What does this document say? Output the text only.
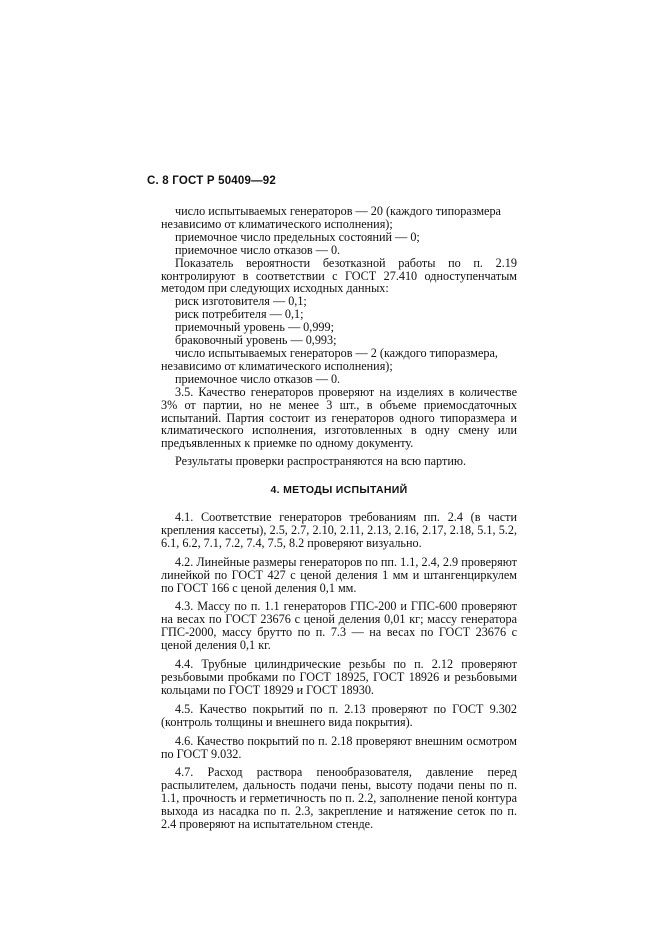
С. 8 ГОСТ Р 50409—92

число испытываемых генераторов — 20 (каждого типоразмера

независимо от климатического исполнения);

приемочное число предельных состояний — 0;

приемочное число отказов — 0.

Показатель вероятности безотказной работы по п. 2.19 контролируют в соответствии с ГОСТ 27.410 одноступенчатым методом при следующих исходных данных:

риск изготовителя — 0,1;

риск потребителя — 0,1;

приемочный уровень — 0,999;

браковочный уровень — 0,993;

число испытываемых генераторов — 2 (каждого типоразмера,

независимо от климатического исполнения);

приемочное число отказов — 0.

3.5. Качество генераторов проверяют на изделиях в количестве 3% от партии, но не менее 3 шт., в объеме приемосдаточных испытаний. Партия состоит из генераторов одного типоразмера и климатического исполнения, изготовленных в одну смену или предъявленных к приемке по одному документу.

Результаты проверки распространяются на всю партию.

4. МЕТОДЫ ИСПЫТАНИЙ

4.1. Соответствие генераторов требованиям пп. 2.4 (в части крепления кассеты), 2.5, 2.7, 2.10, 2.11, 2.13, 2.16, 2.17, 2.18, 5.1, 5.2, 6.1, 6.2, 7.1, 7.2, 7.4, 7.5, 8.2 проверяют визуально.

4.2. Линейные размеры генераторов по пп. 1.1, 2.4, 2.9 проверяют линейкой по ГОСТ 427 с ценой деления 1 мм и штангенциркулем по ГОСТ 166 с ценой деления 0,1 мм.

4.3. Массу по п. 1.1 генераторов ГПС-200 и ГПС-600 проверяют на весах по ГОСТ 23676 с ценой деления 0,01 кг; массу генератора ГПС-2000, массу брутто по п. 7.3 — на весах по ГОСТ 23676 с ценой деления 0,1 кг.

4.4. Трубные цилиндрические резьбы по п. 2.12 проверяют резьбовыми пробками по ГОСТ 18925, ГОСТ 18926 и резьбовыми кольцами по ГОСТ 18929 и ГОСТ 18930.

4.5. Качество покрытий по п. 2.13 проверяют по ГОСТ 9.302 (контроль толщины и внешнего вида покрытия).

4.6. Качество покрытий по п. 2.18 проверяют внешним осмотром по ГОСТ 9.032.

4.7. Расход раствора пенообразователя, давление перед распылителем, дальность подачи пены, высоту подачи пены по п. 1.1, прочность и герметичность по п. 2.2, заполнение пеной контура выхода из насадка по п. 2.3, закрепление и натяжение сеток по п. 2.4 проверяют на испытательном стенде.
